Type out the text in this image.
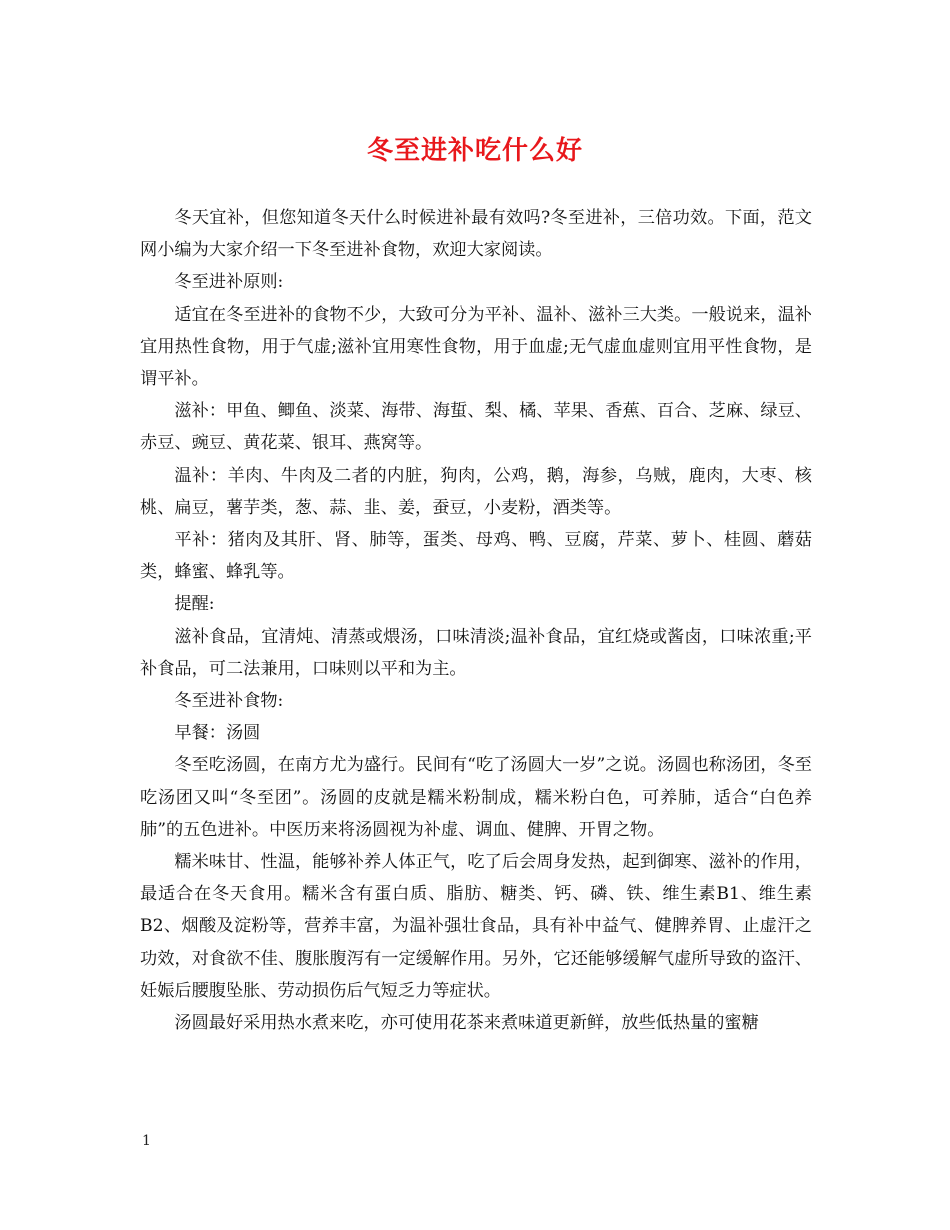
冬至进补吃什么好

冬天宜补，但您知道冬天什么时候进补最有效吗?冬至进补，三倍功效。下面，范文网小编为大家介绍一下冬至进补食物，欢迎大家阅读。

冬至进补原则:

适宜在冬至进补的食物不少，大致可分为平补、温补、滋补三大类。一般说来，温补宜用热性食物，用于气虚;滋补宜用寒性食物，用于血虚;无气虚血虚则宜用平性食物，是谓平补。

滋补：甲鱼、鲫鱼、淡菜、海带、海蜇、梨、橘、苹果、香蕉、百合、芝麻、绿豆、赤豆、豌豆、黄花菜、银耳、燕窝等。

温补：羊肉、牛肉及二者的内脏，狗肉，公鸡，鹅，海参，乌贼，鹿肉，大枣、核桃、扁豆，薯芋类，葱、蒜、韭、姜，蚕豆，小麦粉，酒类等。

平补：猪肉及其肝、肾、肺等，蛋类、母鸡、鸭、豆腐，芹菜、萝卜、桂圆、蘑菇类，蜂蜜、蜂乳等。

提醒:

滋补食品，宜清炖、清蒸或煨汤，口味清淡;温补食品，宜红烧或酱卤，口味浓重;平补食品，可二法兼用，口味则以平和为主。

冬至进补食物:

早餐：汤圆

冬至吃汤圆，在南方尤为盛行。民间有“吃了汤圆大一岁”之说。汤圆也称汤团，冬至吃汤团又叫“冬至团”。汤圆的皮就是糯米粉制成，糯米粉白色，可养肺，适合“白色养肺”的五色进补。中医历来将汤圆视为补虚、调血、健脾、开胃之物。

糯米味甘、性温，能够补养人体正气，吃了后会周身发热，起到御寒、滋补的作用，最适合在冬天食用。糯米含有蛋白质、脂肪、糖类、钙、磷、铁、维生素B1、维生素B2、烟酸及淀粉等，营养丰富，为温补强壮食品，具有补中益气、健脾养胃、止虚汗之功效，对食欲不佳、腹胀腹泻有一定缓解作用。另外，它还能够缓解气虚所导致的盗汗、妊娠后腰腹坠胀、劳动损伤后气短乏力等症状。

汤圆最好采用热水煮来吃，亦可使用花茶来煮味道更新鲜，放些低热量的蜜糖

1
